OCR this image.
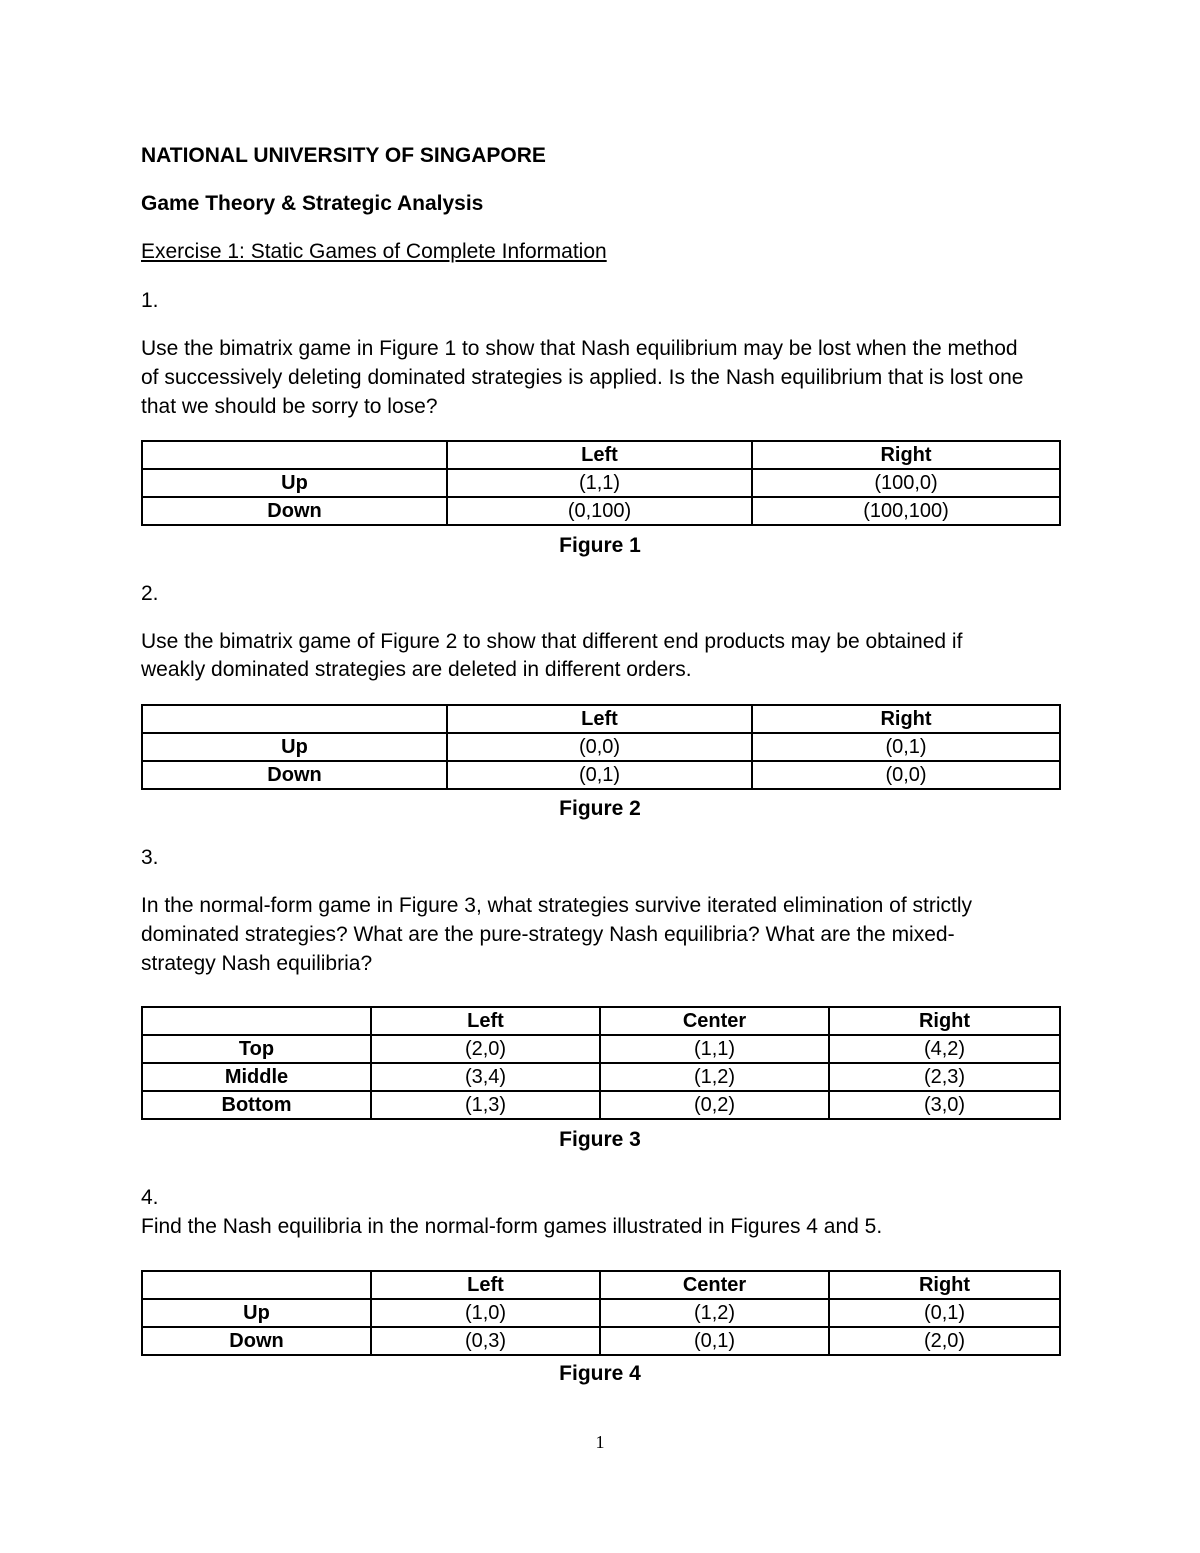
NATIONAL UNIVERSITY OF SINGAPORE
Game Theory & Strategic Analysis
Exercise 1: Static Games of Complete Information
1.
Use the bimatrix game in Figure 1 to show that Nash equilibrium may be lost when the method
of successively deleting dominated strategies is applied. Is the Nash equilibrium that is lost one
that we should be sorry to lose?
	Left	Right
Up	(1,1)	(100,0)
Down	(0,100)	(100,100)
Figure 1
2.
Use the bimatrix game of Figure 2 to show that different end products may be obtained if
weakly dominated strategies are deleted in different orders.
	Left	Right
Up	(0,0)	(0,1)
Down	(0,1)	(0,0)
Figure 2
3.
In the normal-form game in Figure 3, what strategies survive iterated elimination of strictly
dominated strategies? What are the pure-strategy Nash equilibria? What are the mixed-
strategy Nash equilibria?
	Left	Center	Right
Top	(2,0)	(1,1)	(4,2)
Middle	(3,4)	(1,2)	(2,3)
Bottom	(1,3)	(0,2)	(3,0)
Figure 3
4.
Find the Nash equilibria in the normal-form games illustrated in Figures 4 and 5.
	Left	Center	Right
Up	(1,0)	(1,2)	(0,1)
Down	(0,3)	(0,1)	(2,0)
Figure 4
1
